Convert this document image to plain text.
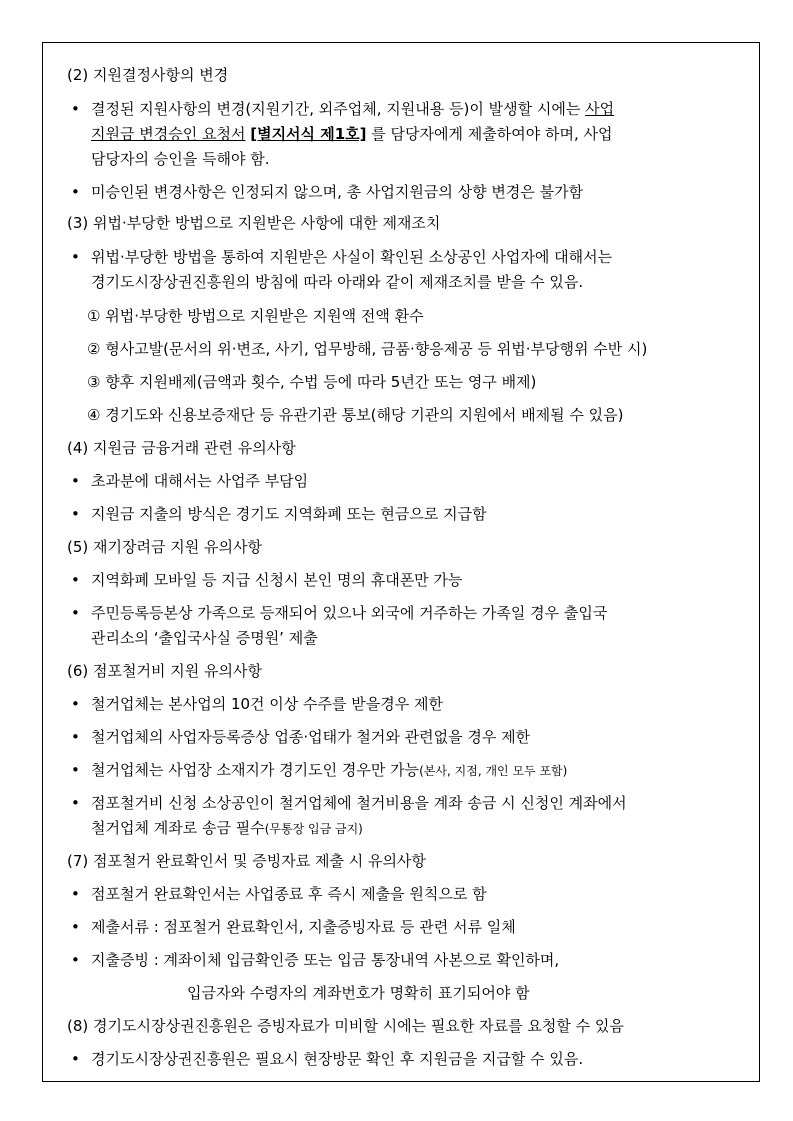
(2) 지원결정사항의 변경
• 결정된 지원사항의 변경(지원기간, 외주업체, 지원내용 등)이 발생할 시에는 사업
지원금 변경승인 요청서 [별지서식 제1호] 를 담당자에게 제출하여야 하며, 사업
담당자의 승인을 득해야 함.
• 미승인된 변경사항은 인정되지 않으며, 총 사업지원금의 상향 변경은 불가함
(3) 위법·부당한 방법으로 지원받은 사항에 대한 제재조치
• 위법·부당한 방법을 통하여 지원받은 사실이 확인된 소상공인 사업자에 대해서는
경기도시장상권진흥원의 방침에 따라 아래와 같이 제재조치를 받을 수 있음.
① 위법·부당한 방법으로 지원받은 지원액 전액 환수
② 형사고발(문서의 위·변조, 사기, 업무방해, 금품·향응제공 등 위법·부당행위 수반 시)
③ 향후 지원배제(금액과 횟수, 수법 등에 따라 5년간 또는 영구 배제)
④ 경기도와 신용보증재단 등 유관기관 통보(해당 기관의 지원에서 배제될 수 있음)
(4) 지원금 금융거래 관련 유의사항
• 초과분에 대해서는 사업주 부담임
• 지원금 지출의 방식은 경기도 지역화폐 또는 현금으로 지급함
(5) 재기장려금 지원 유의사항
• 지역화폐 모바일 등 지급 신청시 본인 명의 휴대폰만 가능
• 주민등록등본상 가족으로 등재되어 있으나 외국에 거주하는 가족일 경우 출입국
관리소의 ‘출입국사실 증명원’ 제출
(6) 점포철거비 지원 유의사항
• 철거업체는 본사업의 10건 이상 수주를 받을경우 제한
• 철거업체의 사업자등록증상 업종·업태가 철거와 관련없을 경우 제한
• 철거업체는 사업장 소재지가 경기도인 경우만 가능(본사, 지점, 개인 모두 포함)
• 점포철거비 신청 소상공인이 철거업체에 철거비용을 계좌 송금 시 신청인 계좌에서
철거업체 계좌로 송금 필수(무통장 입금 금지)
(7) 점포철거 완료확인서 및 증빙자료 제출 시 유의사항
• 점포철거 완료확인서는 사업종료 후 즉시 제출을 원칙으로 함
• 제출서류 : 점포철거 완료확인서, 지출증빙자료 등 관련 서류 일체
• 지출증빙 : 계좌이체 입금확인증 또는 입금 통장내역 사본으로 확인하며,
입금자와 수령자의 계좌번호가 명확히 표기되어야 함
(8) 경기도시장상권진흥원은 증빙자료가 미비할 시에는 필요한 자료를 요청할 수 있음
• 경기도시장상권진흥원은 필요시 현장방문 확인 후 지원금을 지급할 수 있음.
